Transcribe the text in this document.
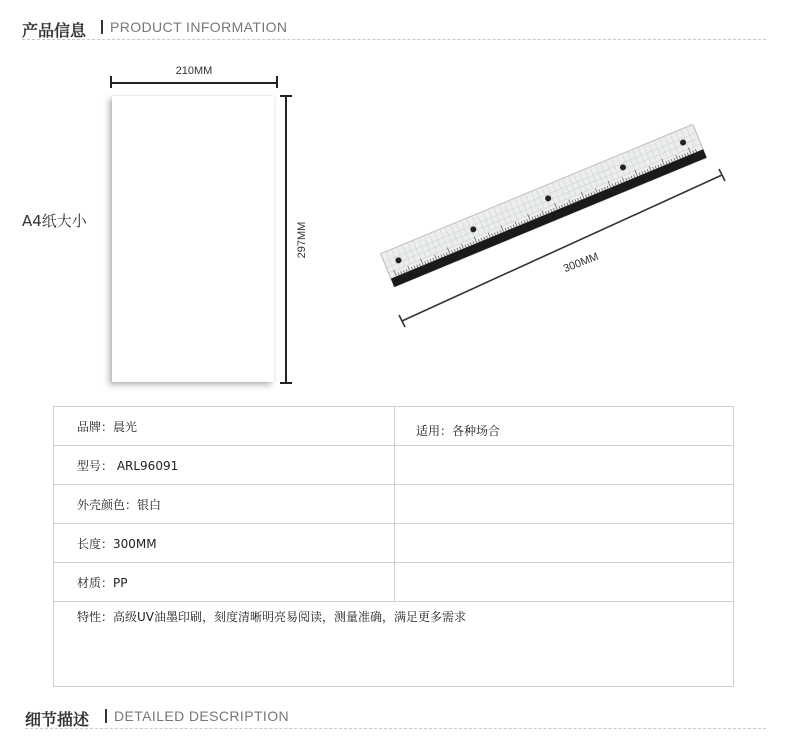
产品信息 PRODUCT INFORMATION
A4纸大小
210MM
297MM
300MM
品牌：晨光	适用：各种场合
型号： ARL96091	
外壳颜色：银白	
长度：300MM	
材质：PP	
特性：高级UV油墨印刷，刻度清晰明亮易阅读，测量准确，满足更多需求	
细节描述 DETAILED DESCRIPTION
